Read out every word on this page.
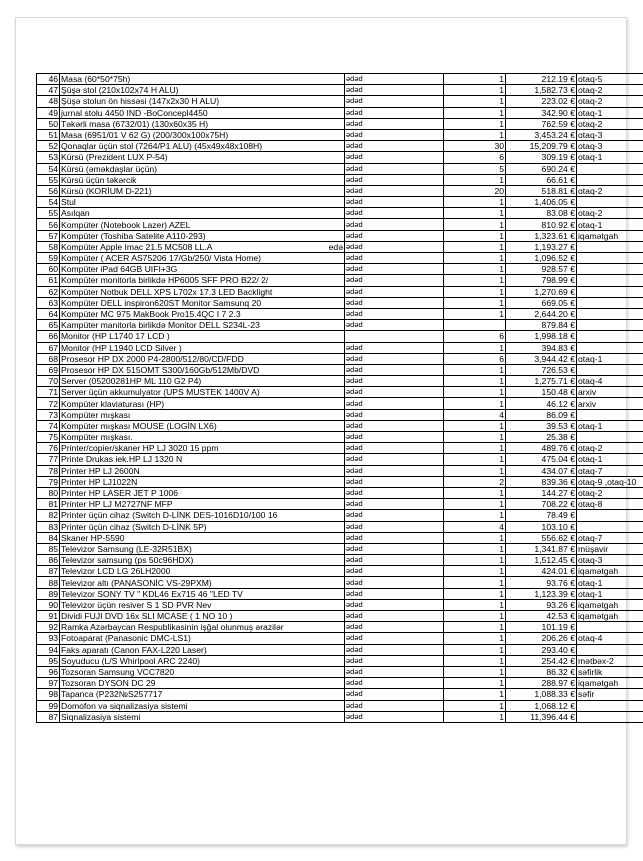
46	Masa (60*50*75h)	ədəd	1	212.19 €	otaq-5
47	Şüşə stol (210x102x74 H ALU)	ədəd	1	1,582.73 €	otaq-2
48	Şüşə stolun ön hissəsi (147x2x30 H ALU)	ədəd	1	223.02 €	otaq-2
49	jurnal stolu 4450 IND -BoConcepl4450	ədəd	1	342.90 €	otaq-1
50	Təkərli masa (6732/01) (130x60x35 H)	ədəd	1	762.59 €	otaq-2
51	Masa (6951/01 V 62 G) (200/300x100x75H)	ədəd	1	3,453.24 €	otaq-3
52	Qonaqlar üçün stol (7264/P1 ALU) (45x49x48x108H)	ədəd	30	15,209.79 €	otaq-3
53	Kürsü (Prezident LUX P-54)	ədəd	6	309.19 €	otaq-1
54	Kürsü (əməkdaşlar üçün)	ədəd	5	690.24 €	
55	Kürsü üçün təkərcik	ədəd	1	66.61 €	
56	Kürsü (KORİUM D-221)	ədəd	20	518.81 €	otaq-2
54	Stul	ədəd	1	1,406.05 €	
55	Asılqan	ədəd	1	83.08 €	otaq-2
56	Kompüter (Notebook Lazer) AZEL	ədəd	1	810.92 €	otaq-1
57	Kompüter (Toshiba Satelite A110-293)	ədəd	1	1,323.61 €	iqamətgah
58	Kompüter Apple Imac 21.5 MC508 LL.A edə	ədəd	1	1,193.27 €	
59	Kompüter ( ACER AS75206 17/Gb/250/ Vista Home)	ədəd	1	1,096.52 €	
60	Kompüter iPad 64GB UIFI+3G	ədəd	1	928.57 €	
61	Kompüter monitorla birlikdə HP6005 SFF PRO B22/ 2/	ədəd	1	798.99 €	
62	Kompüter Notbuk DELL XPS L702x 17.3 LED Backlight	ədəd	1	1,270.69 €	
63	Kompüter DELL inspiron620ST Monitor Samsunq 20	ədəd	1	669.05 €	
64	Kompüter MC 975 MakBook Pro15.4QC I 7 2.3	ədəd	1	2,644.20 €	
65	Kampüter manitorla birlikdə Monitor DELL S234L-23	ədəd		879.84 €	
66	Monitor (HP L1740 17 LCD )		6	1,998.18 €	
67	Monitor (HP L1940 LCD Silver )	ədəd	1	394.83 €	
68	Prosesor HP DX 2000 P4-2800/512/80/CD/FDD	ədəd	6	3,944.42 €	otaq-1
69	Prosesor HP DX 515OMT S300/160Gb/512Mb/DVD	ədəd	1	726.53 €	
70	Server (05200281HP ML 110 G2 P4)	ədəd	1	1,275.71 €	otaq-4
71	Server üçün akkumulyator (UPS MUSTEK 1400V A)	ədəd	1	150.48 €	arxiv
72	Kompüter klaviaturası (HP)	ədəd	1	46.12 €	arxiv
73	Kompüter mışkası	ədəd	4	86.09 €	
74	Kompüter mışkası MOUSE (LOGİN LX6)	ədəd	1	39.53 €	otaq-1
75	Kompüter mışkası.	ədəd	1	25.38 €	
76	Printer/copier/skaner HP LJ 3020 15 ppm	ədəd	1	489.76 €	otaq-2
77	Printe Drukas iek.HP LJ 1320 N	ədəd	1	475.04 €	otaq-1
78	Printer HP LJ 2600N	ədəd	1	434.07 €	otaq-7
79	Printer HP LJ1022N	ədəd	2	839.36 €	otaq-9 ,otaq-10
80	Printer HP LASER JET P 1006	ədəd	1	144.27 €	otaq-2
81	Printer HP LJ M2727NF MFP	ədəd	1	708.22 €	otaq-8
82	Printer üçün cihaz (Switch D-LİNK DES-1016D10/100 16	ədəd	1	78.49 €	
83	Printer üçün cihaz (Switch D-LİNK 5P)	ədəd	4	103.10 €	
84	Skaner HP-5590	ədəd	1	556.62 €	otaq-7
85	Televizor Samsung (LE-32R51BX)	ədəd	1	1,341.87 €	müşavir
86	Televizor samsung (ps 50c96HDX)	ədəd	1	1,512.45 €	otaq-3
87	Televizor LCD LG 26LH2000	ədəd	1	424.01 €	iqamətgah
88	Televizor altı (PANASONİC VS-29PXM)	ədəd	1	93.76 €	otaq-1
89	Televizor SONY TV " KDL46 Ex715 46 "LED TV	ədəd	1	1,123.39 €	otaq-1
90	Televizor üçün resiver S 1 SD PVR Nev	ədəd	1	93.26 €	iqamətgah
91	Dividi FUJI DVD 16x SLI MCASE ( 1 NO 10 )	ədəd	1	42.53 €	iqamətgah
92	Ramka Azərbaycan Respublikasinin işğal olunmuş ərazilər	ədəd	1	101.19 €	
93	Fotoaparat (Panasonic DMC-LS1)	ədəd	1	206.26 €	otaq-4
94	Faks aparatı (Canon FAX-L220 Laser)	ədəd	1	293.40 €	
95	Soyuducu (L/S Whirlpool ARC 2240)	ədəd	1	254.42 €	mətbəx-2
96	Tozsoran Samsung VCC7820	ədəd	1	86.32 €	səfirlik
97	Tozsoran DYSON DC 29	ədəd	1	288.97 €	iqamətgah
98	Tapanca (P232№S257717	ədəd	1	1,088.33 €	səfir
99	Domofon və siqnalizasiya sistemi	ədəd	1	1,068.12 €	
87	Siqnalizasiya sistemi	ədəd	1	11,396.44 €	
